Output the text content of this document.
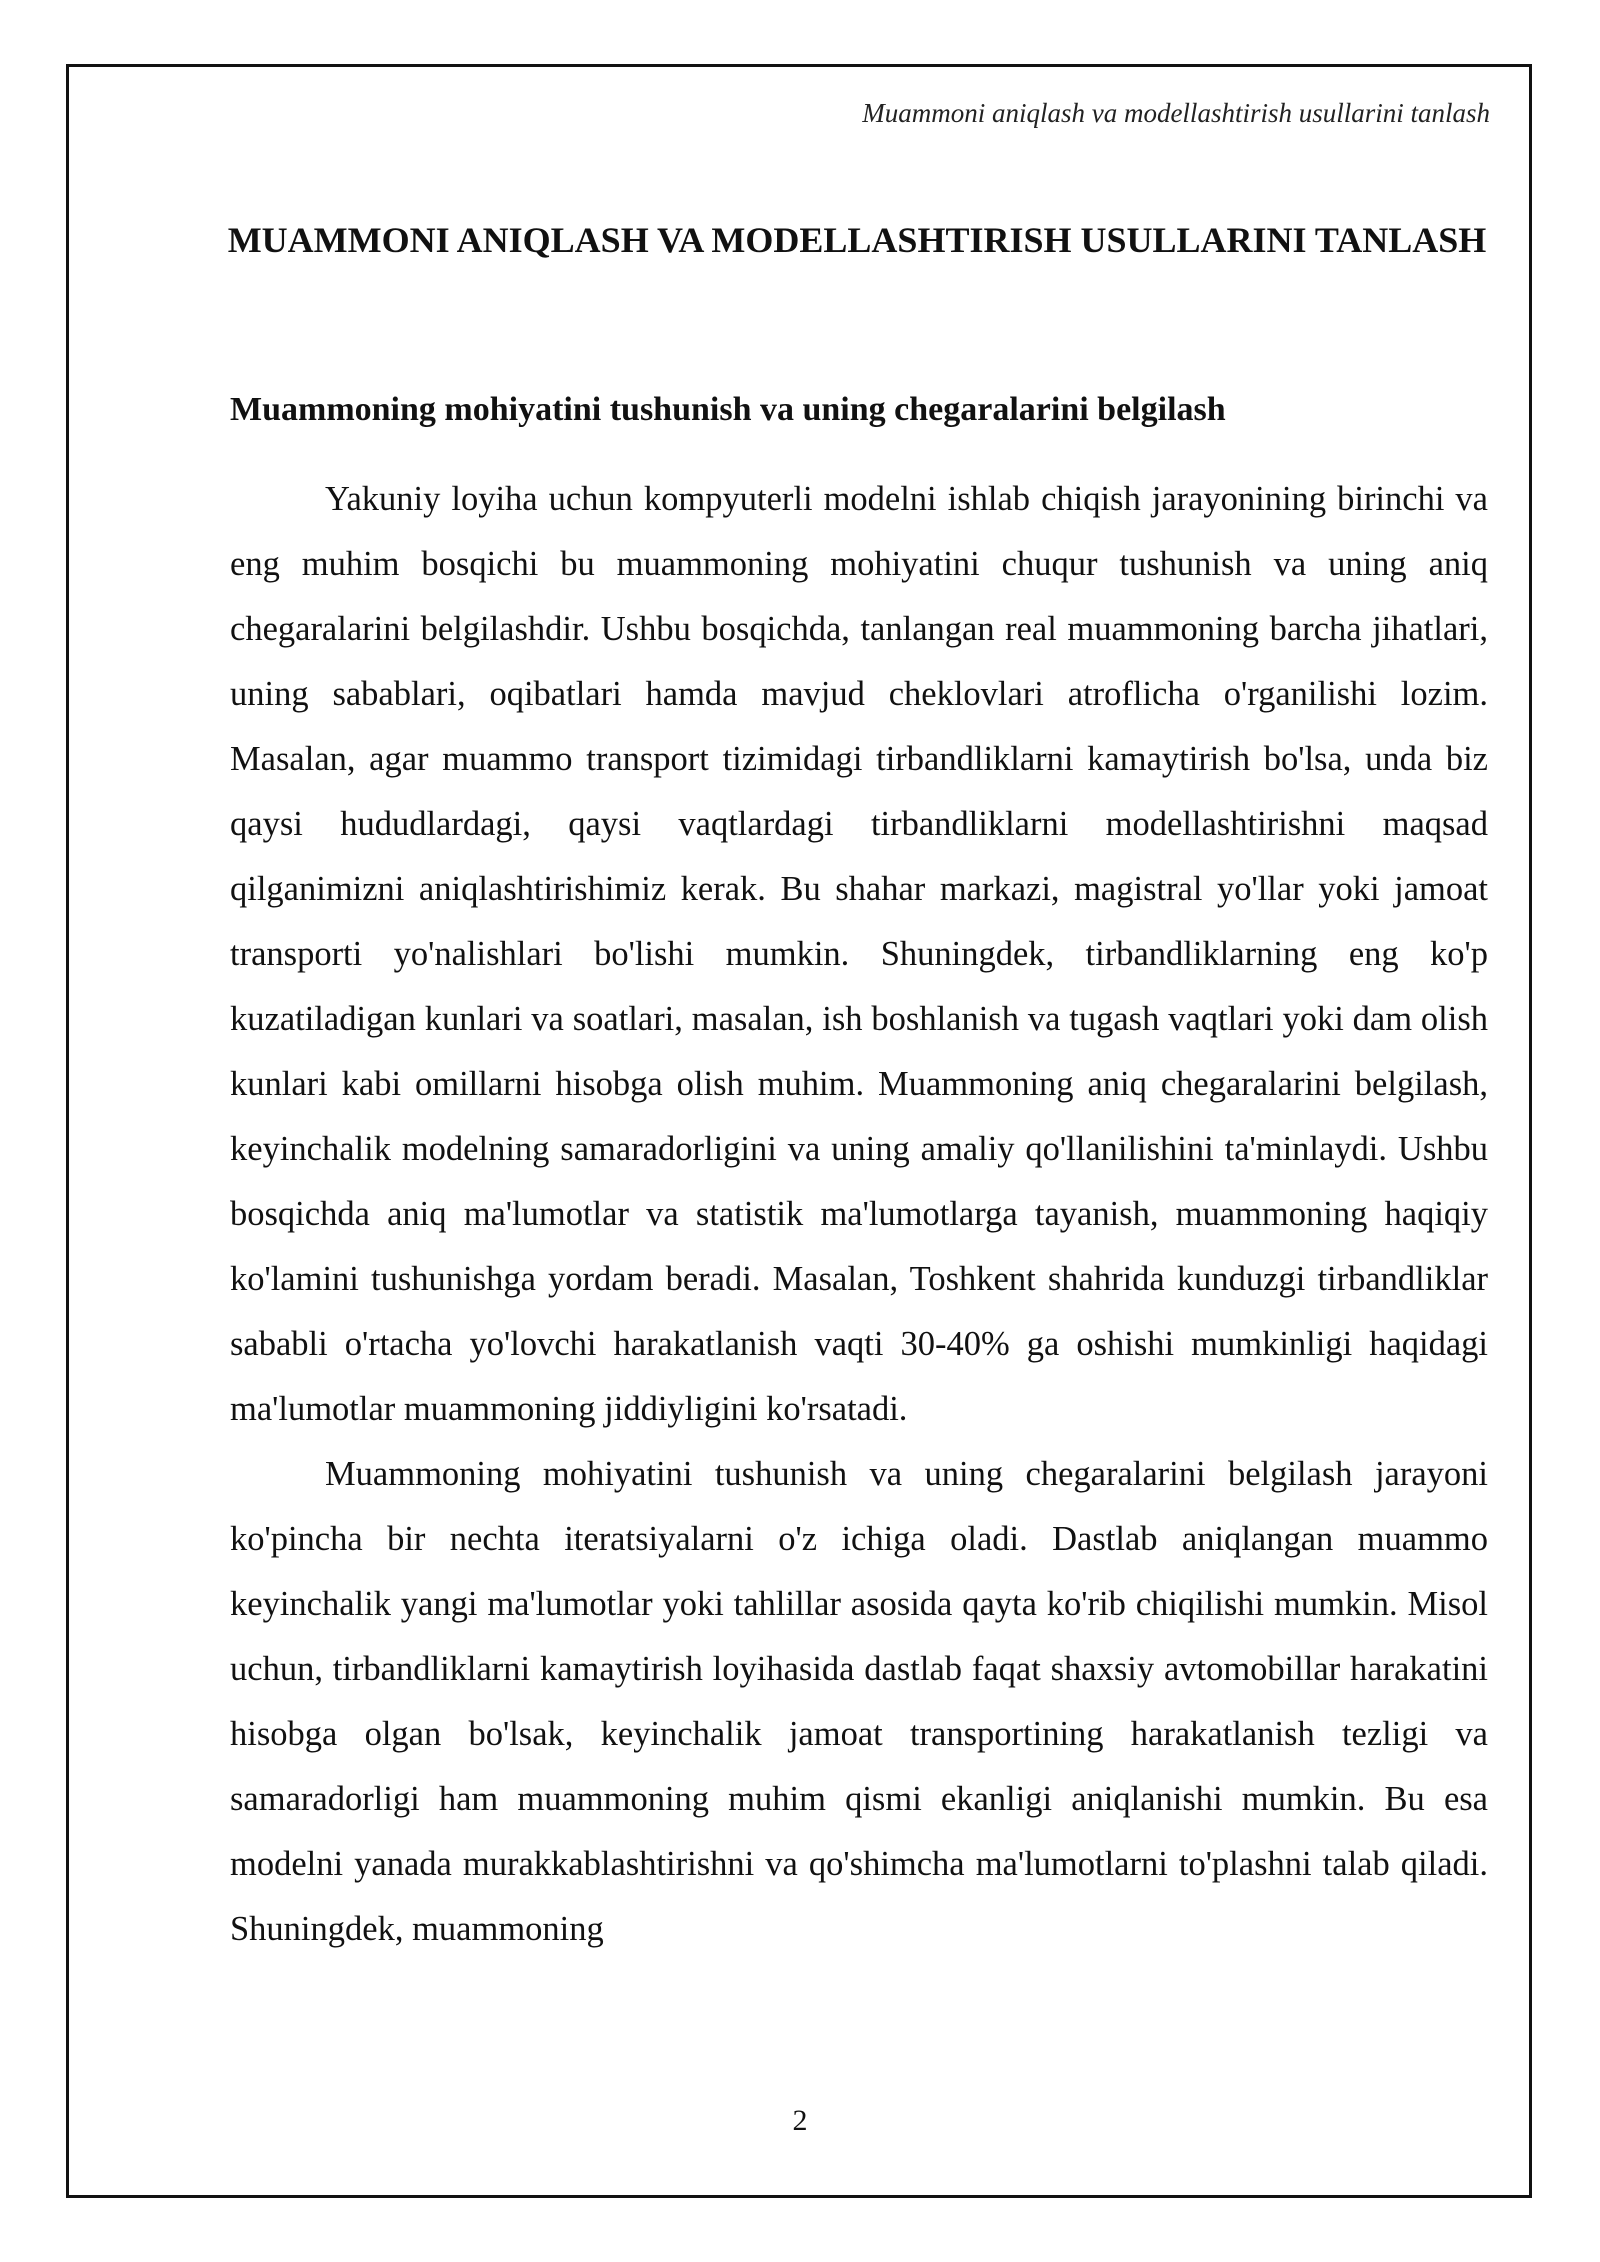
Muammoni aniqlash va modellashtirish usullarini tanlash
MUAMMONI ANIQLASH VA MODELLASHTIRISH USULLARINI TANLASH
Muammoning mohiyatini tushunish va uning chegaralarini belgilash

Yakuniy loyiha uchun kompyuterli modelni ishlab chiqish jarayonining birinchi va eng muhim bosqichi bu muammoning mohiyatini chuqur tushunish va uning aniq chegaralarini belgilashdir. Ushbu bosqichda, tanlangan real muammoning barcha jihatlari, uning sabablari, oqibatlari hamda mavjud cheklovlari atroflicha o'rganilishi lozim. Masalan, agar muammo transport tizimidagi tirbandliklarni kamaytirish bo'lsa, unda biz qaysi hududlardagi, qaysi vaqtlardagi tirbandliklarni modellashtirishni maqsad qilganimizni aniqlashtirishimiz kerak. Bu shahar markazi, magistral yo'llar yoki jamoat transporti yo'nalishlari bo'lishi mumkin. Shuningdek, tirbandliklarning eng ko'p kuzatiladigan kunlari va soatlari, masalan, ish boshlanish va tugash vaqtlari yoki dam olish kunlari kabi omillarni hisobga olish muhim. Muammoning aniq chegaralarini belgilash, keyinchalik modelning samaradorligini va uning amaliy qo'llanilishini ta'minlaydi. Ushbu bosqichda aniq ma'lumotlar va statistik ma'lumotlarga tayanish, muammoning haqiqiy ko'lamini tushunishga yordam beradi. Masalan, Toshkent shahrida kunduzgi tirbandliklar sababli o'rtacha yo'lovchi harakatlanish vaqti 30-40% ga oshishi mumkinligi haqidagi ma'lumotlar muammoning jiddiyligini ko'rsatadi.

Muammoning mohiyatini tushunish va uning chegaralarini belgilash jarayoni ko'pincha bir nechta iteratsiyalarni o'z ichiga oladi. Dastlab aniqlangan muammo keyinchalik yangi ma'lumotlar yoki tahlillar asosida qayta ko'rib chiqilishi mumkin. Misol uchun, tirbandliklarni kamaytirish loyihasida dastlab faqat shaxsiy avtomobillar harakatini hisobga olgan bo'lsak, keyinchalik jamoat transportining harakatlanish tezligi va samaradorligi ham muammoning muhim qismi ekanligi aniqlanishi mumkin. Bu esa modelni yanada murakkablashtirishni va qo'shimcha ma'lumotlarni to'plashni talab qiladi. Shuningdek, muammoning

2
